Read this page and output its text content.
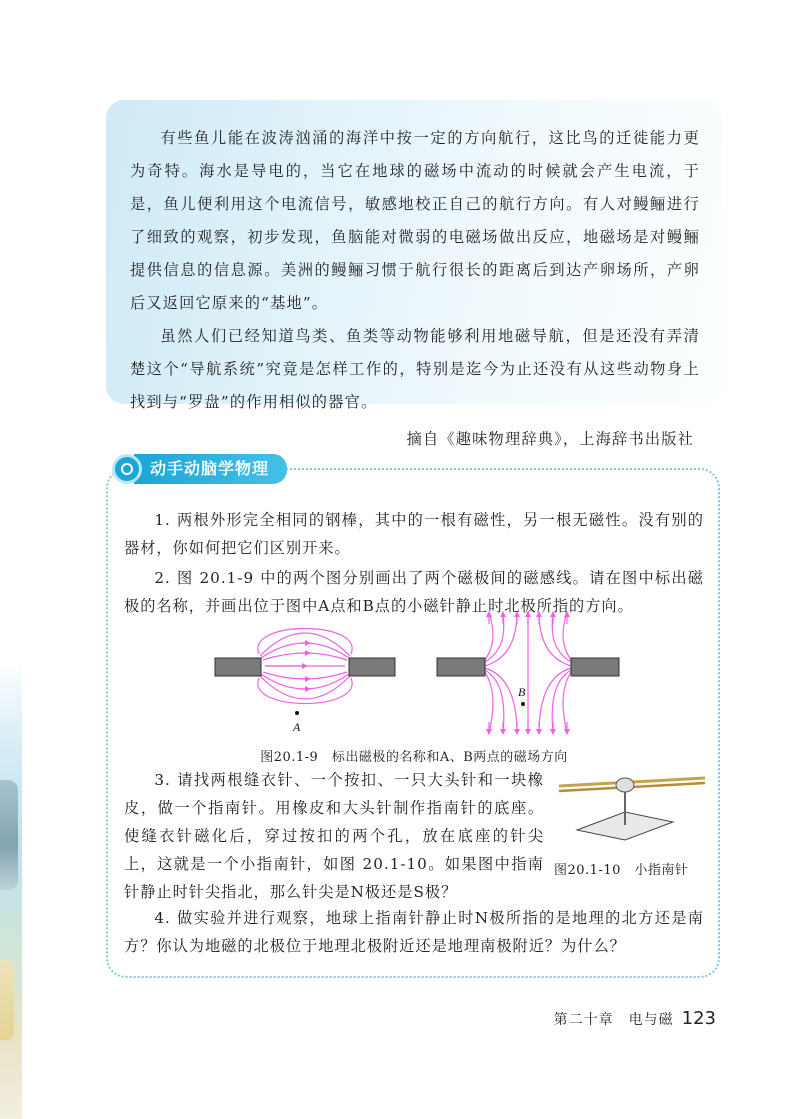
有些鱼儿能在波涛汹涌的海洋中按一定的方向航行，这比鸟的迁徙能力更为奇特。海水是导电的，当它在地球的磁场中流动的时候就会产生电流，于是，鱼儿便利用这个电流信号，敏感地校正自己的航行方向。有人对鳗鲡进行了细致的观察，初步发现，鱼脑能对微弱的电磁场做出反应，地磁场是对鳗鲡提供信息的信息源。美洲的鳗鲡习惯于航行很长的距离后到达产卵场所，产卵后又返回它原来的“基地”。

虽然人们已经知道鸟类、鱼类等动物能够利用地磁导航，但是还没有弄清楚这个“导航系统”究竟是怎样工作的，特别是迄今为止还没有从这些动物身上找到与“罗盘”的作用相似的器官。

摘自《趣味物理辞典》，上海辞书出版社

动手动脑学物理

1. 两根外形完全相同的钢棒，其中的一根有磁性，另一根无磁性。没有别的器材，你如何把它们区别开来。

2. 图 20.1-9 中的两个图分别画出了两个磁极间的磁感线。请在图中标出磁极的名称，并画出位于图中A点和B点的小磁针静止时北极所指的方向。

A
B
图20.1-9　标出磁极的名称和A、B两点的磁场方向

3. 请找两根缝衣针、一个按扣、一只大头针和一块橡皮，做一个指南针。用橡皮和大头针制作指南针的底座。使缝衣针磁化后，穿过按扣的两个孔，放在底座的针尖上，这就是一个小指南针，如图 20.1-10。如果图中指南针静止时针尖指北，那么针尖是N极还是S极？

图20.1-10　小指南针

4. 做实验并进行观察，地球上指南针静止时N极所指的是地理的北方还是南方？你认为地磁的北极位于地理北极附近还是地理南极附近？为什么？

第二十章　电与磁 123
